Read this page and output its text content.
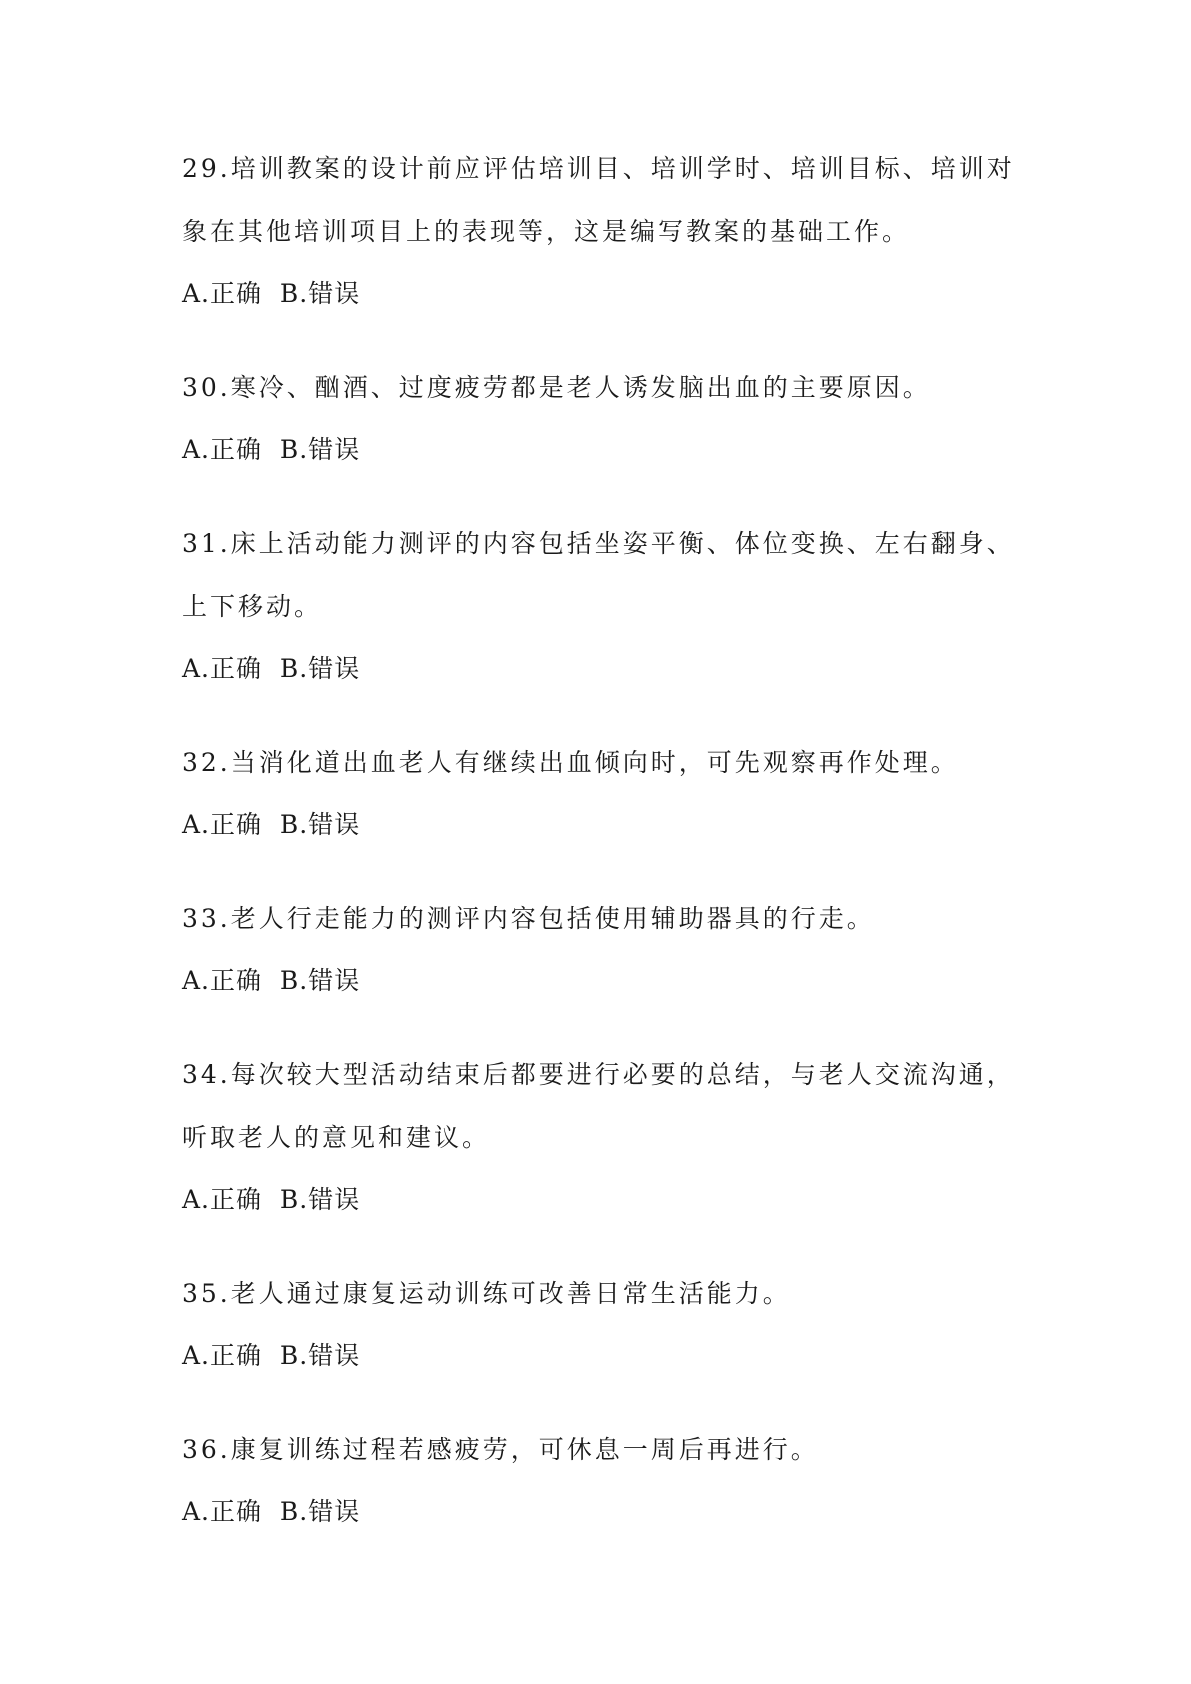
29.培训教案的设计前应评估培训目、培训学时、培训目标、培训对象在其他培训项目上的表现等，这是编写教案的基础工作。

A.正确  B.错误

30.寒冷、酗酒、过度疲劳都是老人诱发脑出血的主要原因。

A.正确  B.错误

31.床上活动能力测评的内容包括坐姿平衡、体位变换、左右翻身、上下移动。

A.正确  B.错误

32.当消化道出血老人有继续出血倾向时，可先观察再作处理。

A.正确  B.错误

33.老人行走能力的测评内容包括使用辅助器具的行走。

A.正确  B.错误

34.每次较大型活动结束后都要进行必要的总结，与老人交流沟通，听取老人的意见和建议。

A.正确  B.错误

35.老人通过康复运动训练可改善日常生活能力。

A.正确  B.错误

36.康复训练过程若感疲劳，可休息一周后再进行。

A.正确  B.错误
